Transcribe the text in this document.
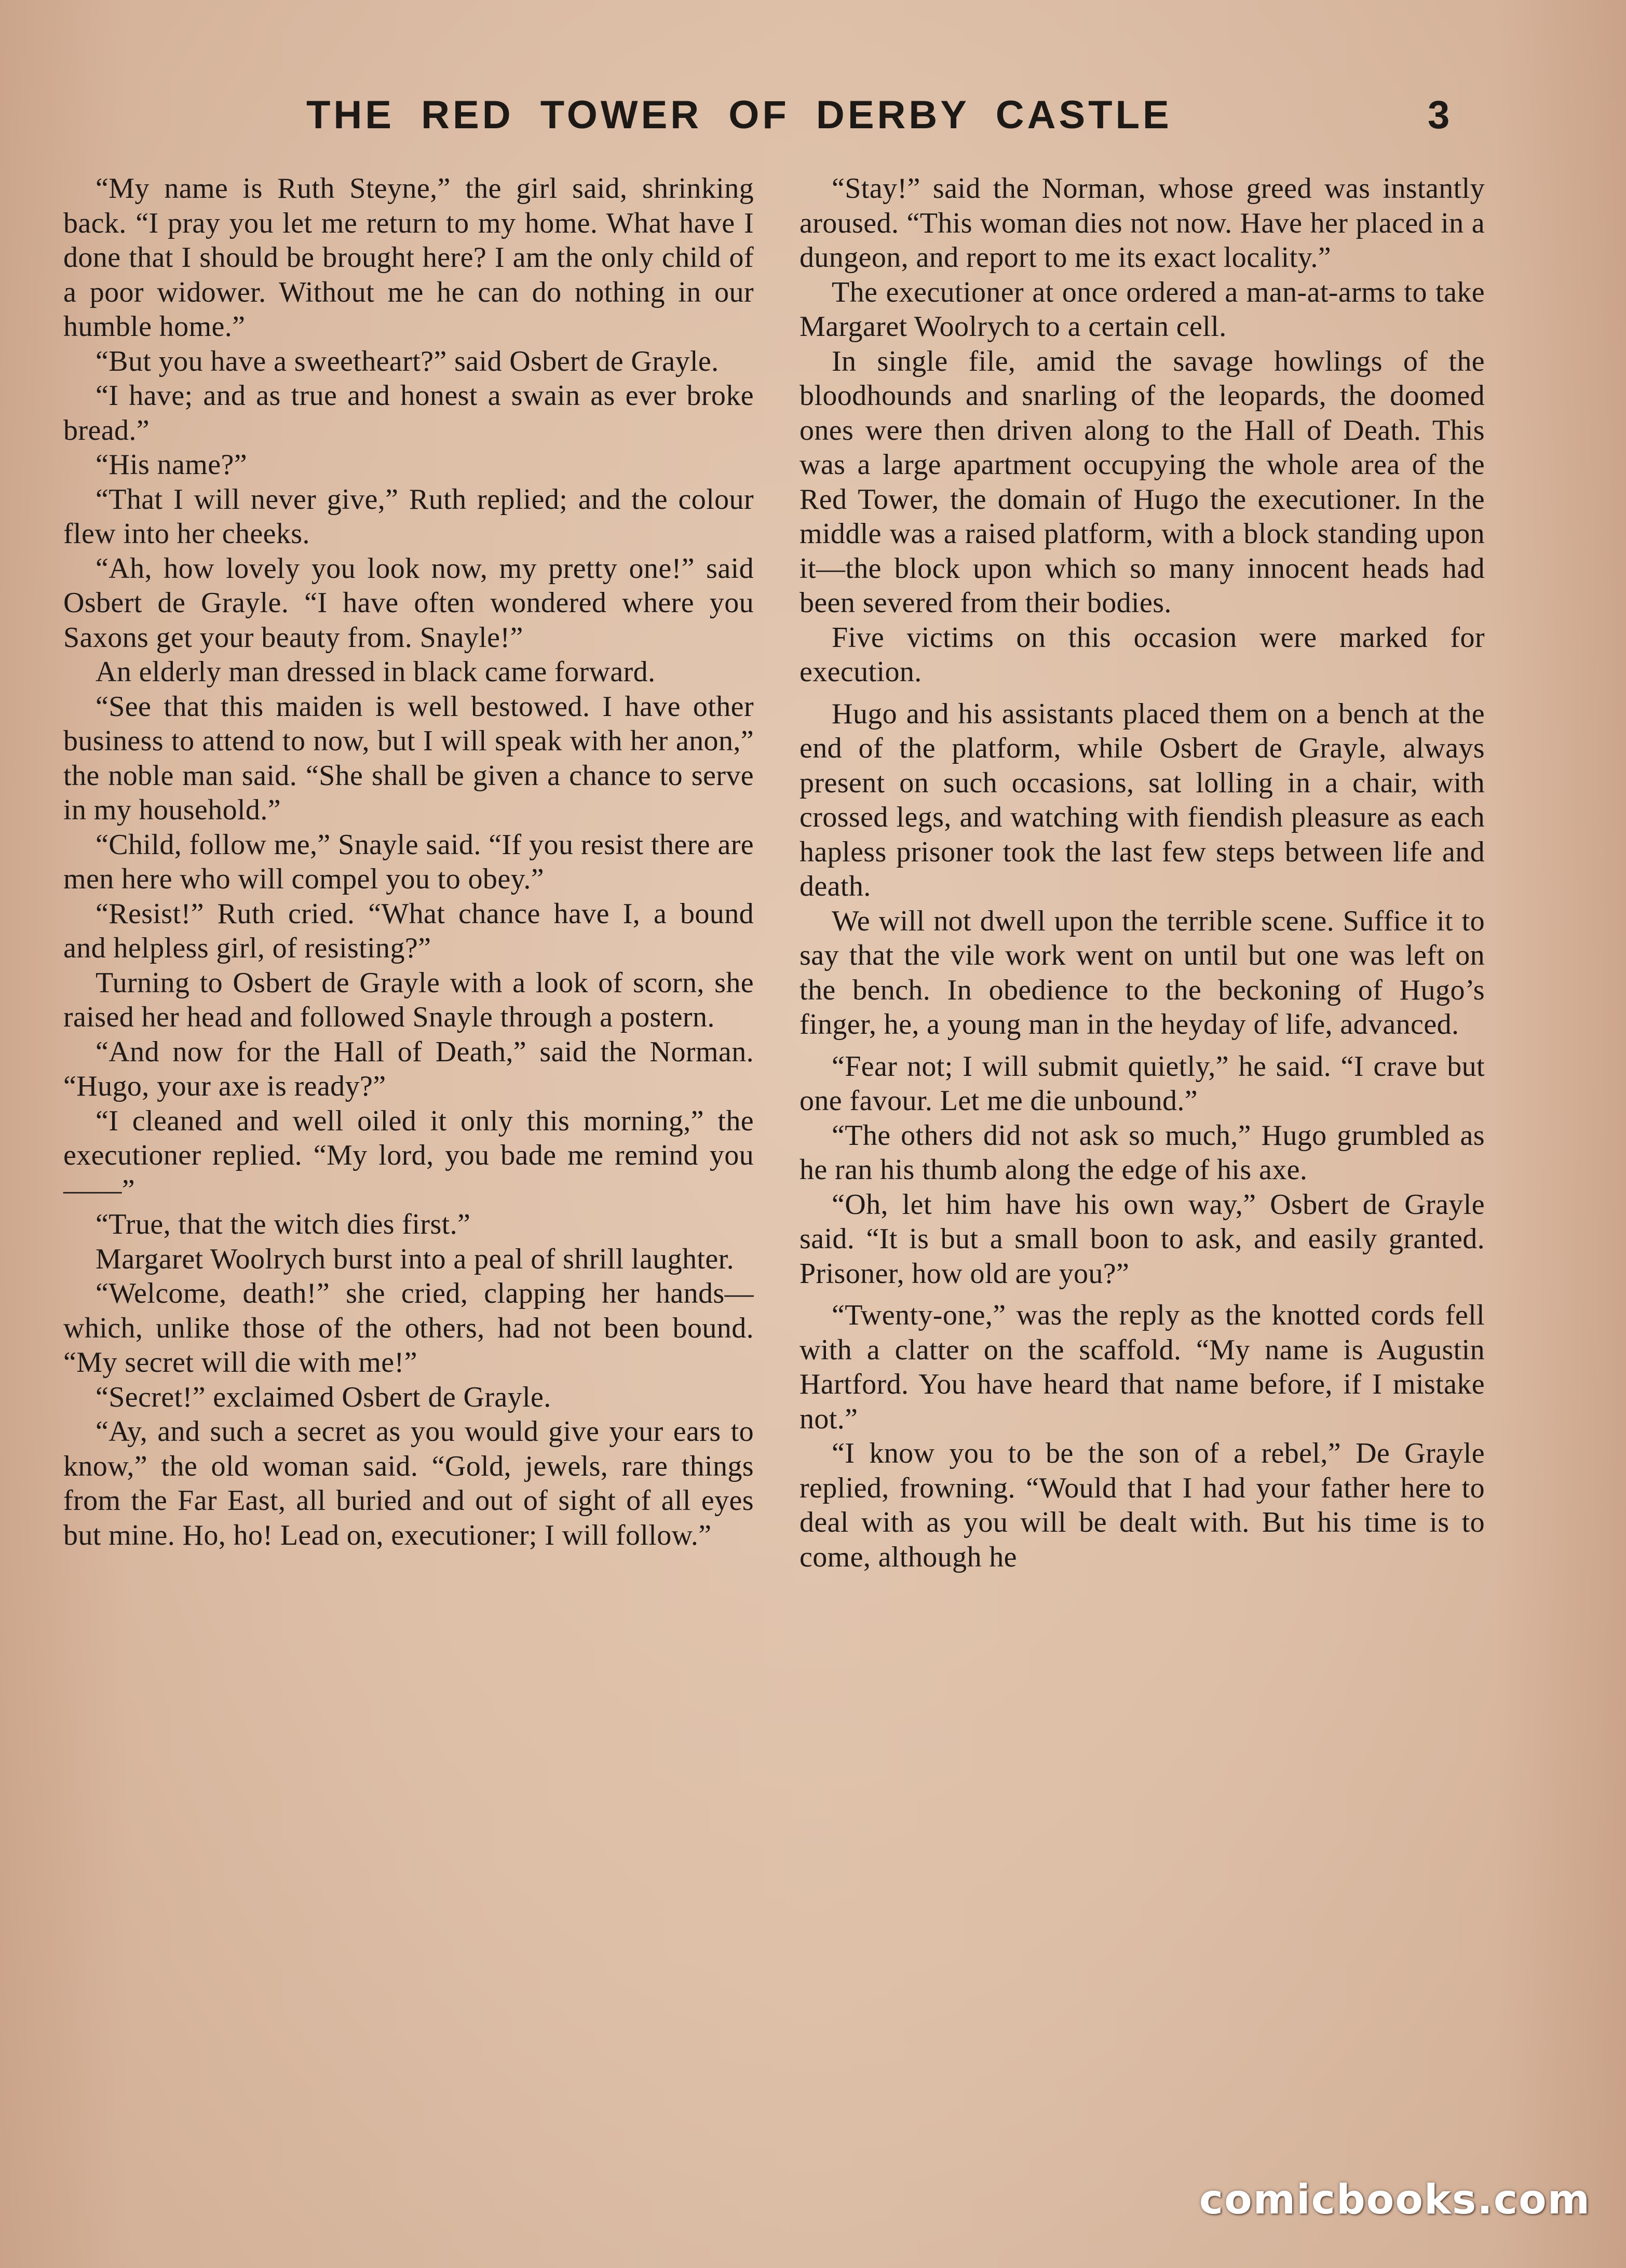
THE RED TOWER OF DERBY CASTLE	3

“My name is Ruth Steyne,” the girl said, shrinking back. “I pray you let me return to my home. What have I done that I should be brought here? I am the only child of a poor widower. Without me he can do nothing in our humble home.”

“But you have a sweetheart?” said Osbert de Grayle.

“I have; and as true and honest a swain as ever broke bread.”

“His name?”

“That I will never give,” Ruth replied; and the colour flew into her cheeks.

“Ah, how lovely you look now, my pretty one!” said Osbert de Grayle. “I have often wondered where you Saxons get your beauty from. Snayle!”

An elderly man dressed in black came forward.

“See that this maiden is well bestowed. I have other business to attend to now, but I will speak with her anon,” the noble man said. “She shall be given a chance to serve in my household.”

“Child, follow me,” Snayle said. “If you resist there are men here who will compel you to obey.”

“Resist!” Ruth cried. “What chance have I, a bound and helpless girl, of resisting?”

Turning to Osbert de Grayle with a look of scorn, she raised her head and followed Snayle through a postern.

“And now for the Hall of Death,” said the Norman. “Hugo, your axe is ready?”

“I cleaned and well oiled it only this morning,” the executioner replied. “My lord, you bade me remind you——”

“True, that the witch dies first.”

Margaret Woolrych burst into a peal of shrill laughter.

“Welcome, death!” she cried, clapping her hands—which, unlike those of the others, had not been bound. “My secret will die with me!”

“Secret!” exclaimed Osbert de Grayle.

“Ay, and such a secret as you would give your ears to know,” the old woman said. “Gold, jewels, rare things from the Far East, all buried and out of sight of all eyes but mine. Ho, ho! Lead on, executioner; I will follow.”

“Stay!” said the Norman, whose greed was instantly aroused. “This woman dies not now. Have her placed in a dungeon, and report to me its exact locality.”

The executioner at once ordered a man-at-arms to take Margaret Woolrych to a certain cell.

In single file, amid the savage howlings of the bloodhounds and snarling of the leopards, the doomed ones were then driven along to the Hall of Death. This was a large apartment occupying the whole area of the Red Tower, the domain of Hugo the executioner. In the middle was a raised platform, with a block standing upon it—the block upon which so many innocent heads had been severed from their bodies.

Five victims on this occasion were marked for execution.

Hugo and his assistants placed them on a bench at the end of the platform, while Osbert de Grayle, always present on such occasions, sat lolling in a chair, with crossed legs, and watching with fiendish pleasure as each hapless prisoner took the last few steps between life and death.

We will not dwell upon the terrible scene. Suffice it to say that the vile work went on until but one was left on the bench. In obedience to the beckoning of Hugo’s finger, he, a young man in the heyday of life, advanced.

“Fear not; I will submit quietly,” he said. “I crave but one favour. Let me die unbound.”

“The others did not ask so much,” Hugo grumbled as he ran his thumb along the edge of his axe.

“Oh, let him have his own way,” Osbert de Grayle said. “It is but a small boon to ask, and easily granted. Prisoner, how old are you?”

“Twenty-one,” was the reply as the knotted cords fell with a clatter on the scaffold. “My name is Augustin Hartford. You have heard that name before, if I mistake not.”

“I know you to be the son of a rebel,” De Grayle replied, frowning. “Would that I had your father here to deal with as you will be dealt with. But his time is to come, although he

comicbooks.com
